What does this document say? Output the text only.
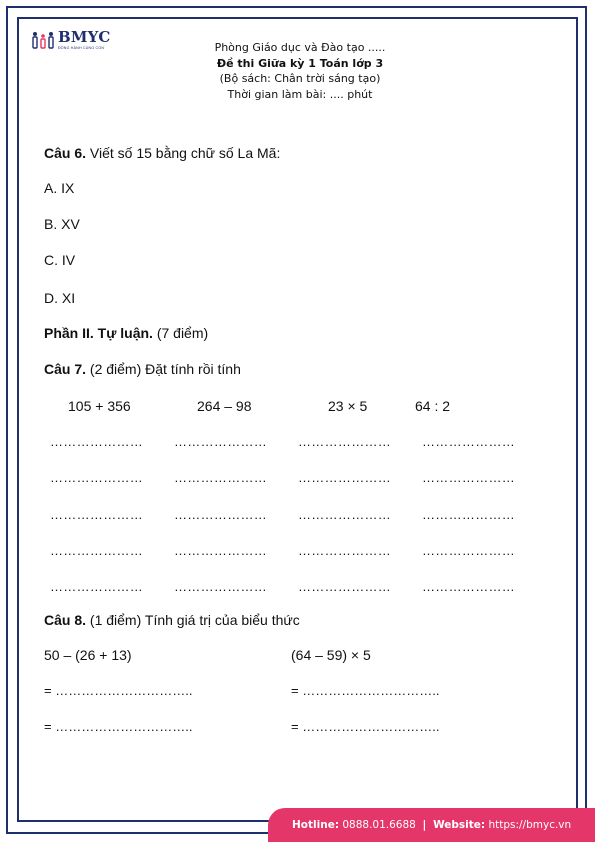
BMYC
ĐỒNG HÀNH CÙNG CON	Phòng Giáo dục và Đào tạo .....
Đề thi Giữa kỳ 1 Toán lớp 3
(Bộ sách: Chân trời sáng tạo)
Thời gian làm bài: .... phút
Câu 6. Viết số 15 bằng chữ số La Mã:
A. IX
B. XV
C. IV
D. XI
Phần II. Tự luận. (7 điểm)
Câu 7. (2 điểm) Đặt tính rồi tính
105 + 356	264 – 98	23 × 5	64 : 2
………………… ………………… ………………… …………………
………………… ………………… ………………… …………………
………………… ………………… ………………… …………………
………………… ………………… ………………… …………………
………………… ………………… ………………… …………………
Câu 8. (1 điểm) Tính giá trị của biểu thức
50 – (26 + 13)	(64 – 59) × 5
= …………………………..	= …………………………..
= …………………………..	= …………………………..
Hotline: 0888.01.6688 | Website: https://bmyc.vn
